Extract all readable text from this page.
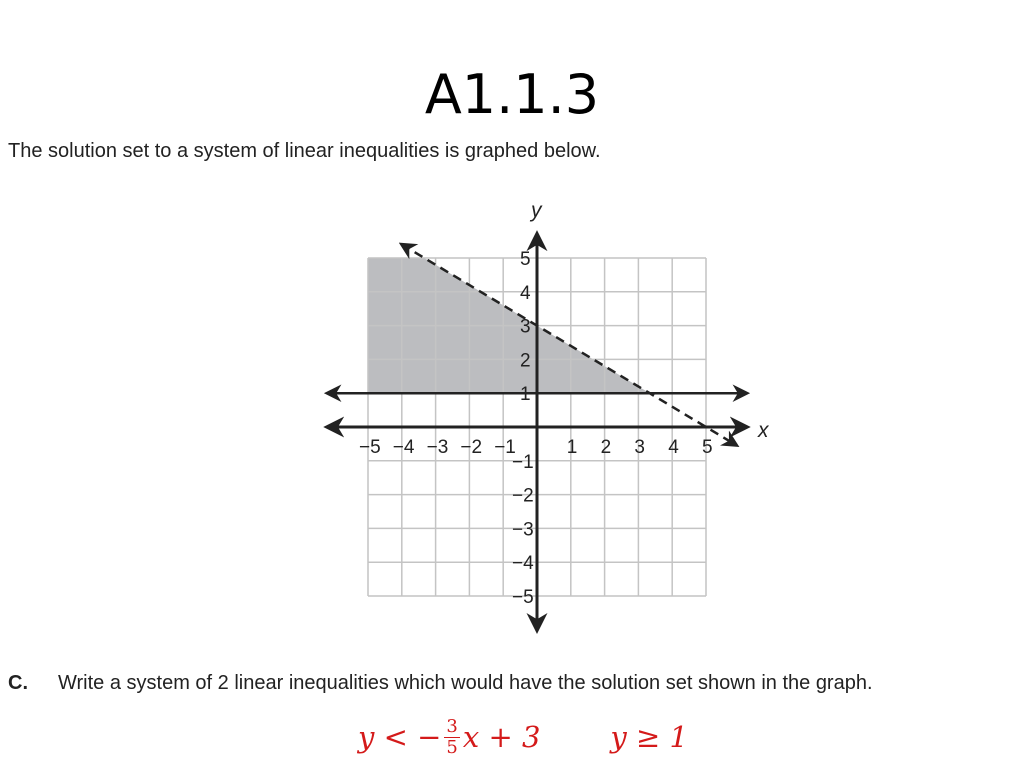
A1.1.3
The solution set to a system of linear inequalities is graphed below.
−5 −4 −3 −2 −1	1 2 3 4 5
5
4
3
2
1
−1
−2
−3
−4
−5
x
y
C. Write a system of 2 linear inequalities which would have the solution set shown in the graph.
y < − $\frac{3}{5}$ x + 3 y ≥ 1
